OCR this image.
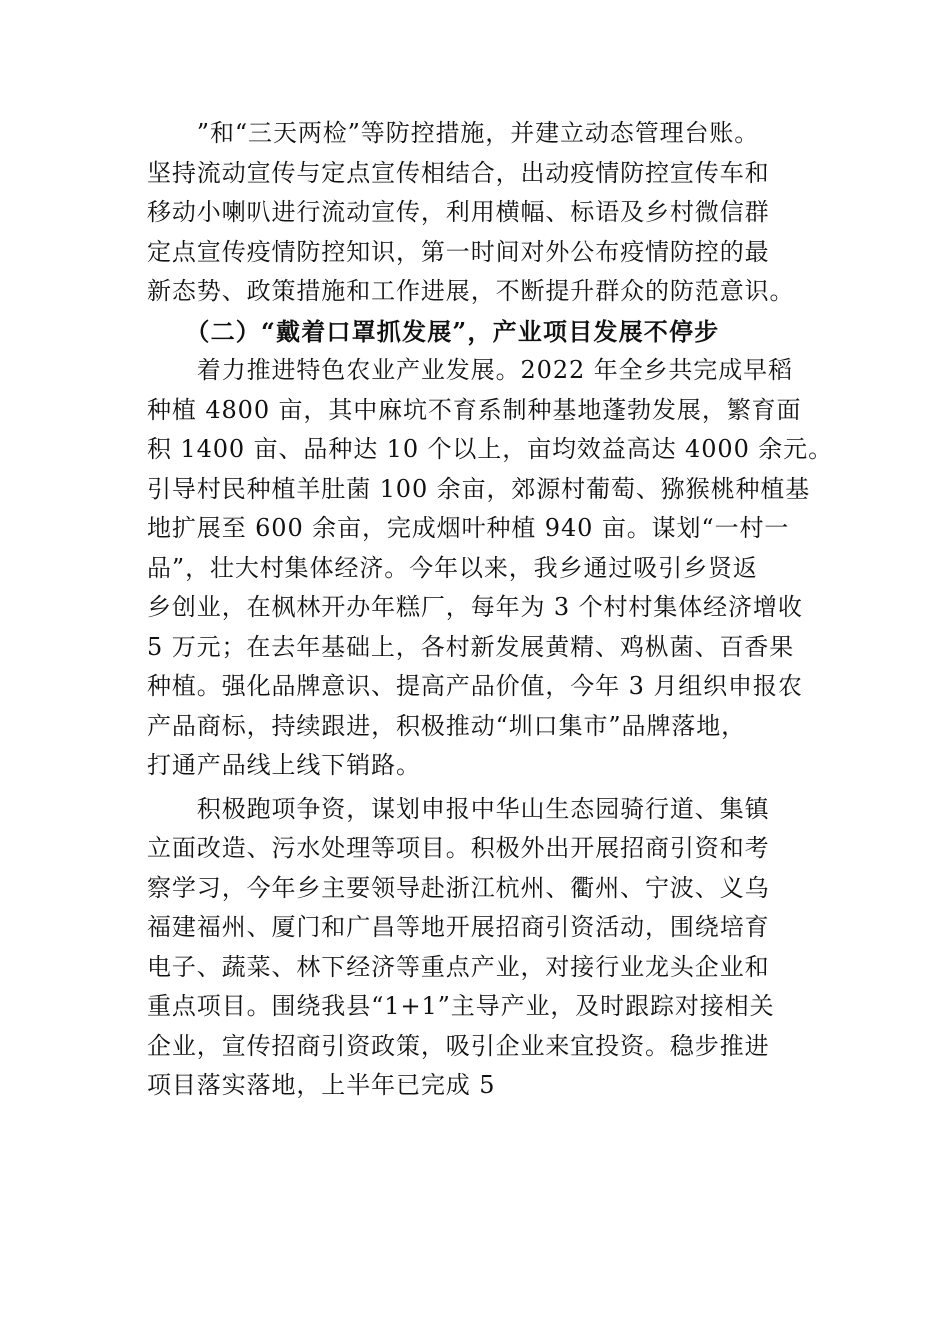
　　”和“三天两检”等防控措施，并建立动态管理台账。
坚持流动宣传与定点宣传相结合，出动疫情防控宣传车和
移动小喇叭进行流动宣传，利用横幅、标语及乡村微信群
定点宣传疫情防控知识，第一时间对外公布疫情防控的最
新态势、政策措施和工作进展，不断提升群众的防范意识。
　　（二）“戴着口罩抓发展”，产业项目发展不停步
　　着力推进特色农业产业发展。2022 年全乡共完成早稻
种植 4800 亩，其中麻坑不育系制种基地蓬勃发展，繁育面
积 1400 亩、品种达 10 个以上，亩均效益高达 4000 余元。
引导村民种植羊肚菌 100 余亩，郊源村葡萄、猕猴桃种植基
地扩展至 600 余亩，完成烟叶种植 940 亩。谋划“一村一
品”，壮大村集体经济。今年以来，我乡通过吸引乡贤返
乡创业，在枫林开办年糕厂，每年为 3 个村村集体经济增收
5 万元；在去年基础上，各村新发展黄精、鸡枞菌、百香果
种植。强化品牌意识、提高产品价值，今年 3 月组织申报农
产品商标，持续跟进，积极推动“圳口集市”品牌落地，
打通产品线上线下销路。
　　积极跑项争资，谋划申报中华山生态园骑行道、集镇
立面改造、污水处理等项目。积极外出开展招商引资和考
察学习，今年乡主要领导赴浙江杭州、衢州、宁波、义乌
福建福州、厦门和广昌等地开展招商引资活动，围绕培育
电子、蔬菜、林下经济等重点产业，对接行业龙头企业和
重点项目。围绕我县“1+1”主导产业，及时跟踪对接相关
企业，宣传招商引资政策，吸引企业来宜投资。稳步推进
项目落实落地，上半年已完成 5
